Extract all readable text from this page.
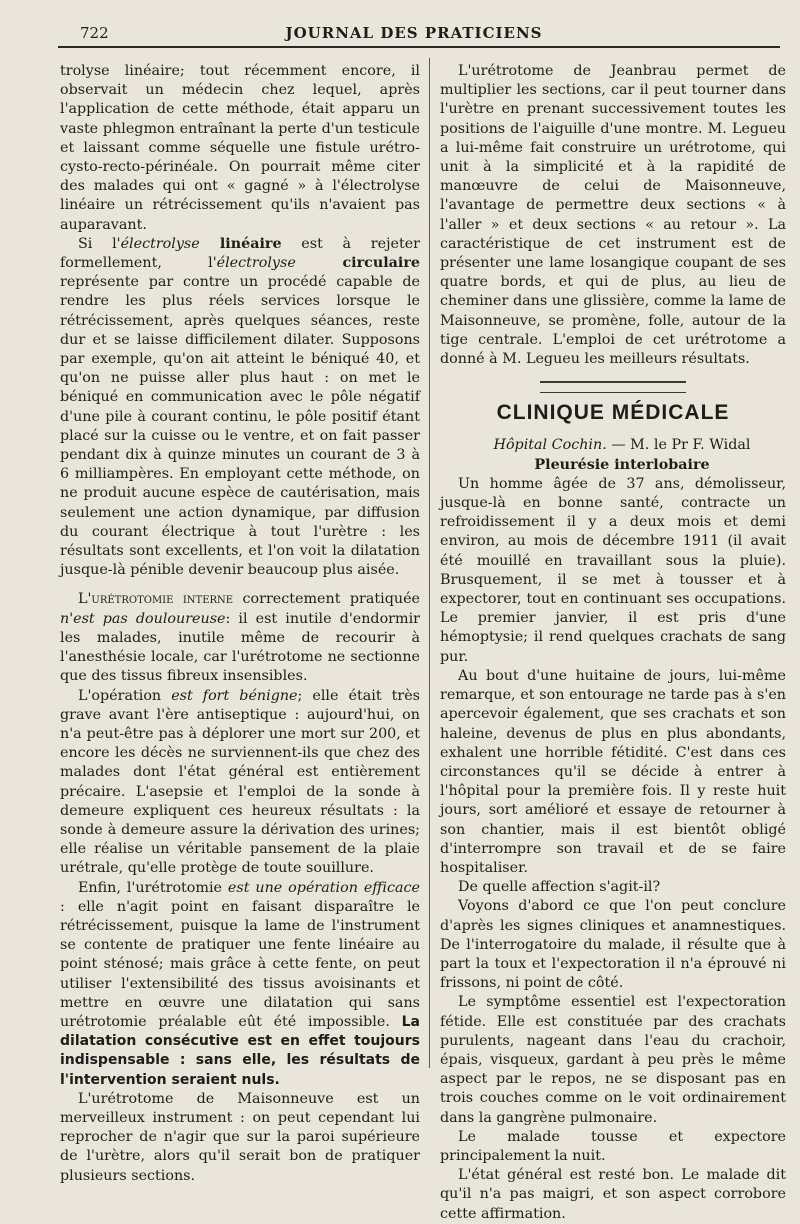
722	JOURNAL DES PRATICIENS

trolyse linéaire; tout récemment encore, il observait un médecin chez lequel, après l'application de cette méthode, était apparu un vaste phlegmon entraînant la perte d'un testicule et laissant comme séquelle une fistule urétro-cysto-recto-périnéale. On pourrait même citer des malades qui ont « gagné » à l'électrolyse linéaire un rétrécissement qu'ils n'avaient pas auparavant.

Si l'électrolyse linéaire est à rejeter formellement, l'électrolyse circulaire représente par contre un procédé capable de rendre les plus réels services lorsque le rétrécissement, après quelques séances, reste dur et se laisse difficilement dilater. Supposons par exemple, qu'on ait atteint le béniqué 40, et qu'on ne puisse aller plus haut : on met le béniqué en communication avec le pôle négatif d'une pile à courant continu, le pôle positif étant placé sur la cuisse ou le ventre, et on fait passer pendant dix à quinze minutes un courant de 3 à 6 milliampères. En employant cette méthode, on ne produit aucune espèce de cautérisation, mais seulement une action dynamique, par diffusion du courant électrique à tout l'urètre : les résultats sont excellents, et l'on voit la dilatation jusque-là pénible devenir beaucoup plus aisée.

L'urétrotomie interne correctement pratiquée n'est pas douloureuse: il est inutile d'endormir les malades, inutile même de recourir à l'anesthésie locale, car l'urétrotome ne sectionne que des tissus fibreux insensibles.

L'opération est fort bénigne; elle était très grave avant l'ère antiseptique : aujourd'hui, on n'a peut-être pas à déplorer une mort sur 200, et encore les décès ne surviennent-ils que chez des malades dont l'état général est entièrement précaire. L'asepsie et l'emploi de la sonde à demeure expliquent ces heureux résultats : la sonde à demeure assure la dérivation des urines; elle réalise un véritable pansement de la plaie urétrale, qu'elle protège de toute souillure.

Enfin, l'urétrotomie est une opération efficace : elle n'agit point en faisant disparaître le rétrécissement, puisque la lame de l'instrument se contente de pratiquer une fente linéaire au point sténosé; mais grâce à cette fente, on peut utiliser l'extensibilité des tissus avoisinants et mettre en œuvre une dilatation qui sans urétrotomie préalable eût été impossible. La dilatation consécutive est en effet toujours indispensable : sans elle, les résultats de l'intervention seraient nuls.

L'urétrotome de Maisonneuve est un merveilleux instrument : on peut cependant lui reprocher de n'agir que sur la paroi supérieure de l'urètre, alors qu'il serait bon de pratiquer plusieurs sections.

L'urétrotome de Jeanbrau permet de multiplier les sections, car il peut tourner dans l'urètre en prenant successivement toutes les positions de l'aiguille d'une montre. M. Legueu a lui-même fait construire un urétrotome, qui unit à la simplicité et à la rapidité de manœuvre de celui de Maisonneuve, l'avantage de permettre deux sections « à l'aller » et deux sections « au retour ». La caractéristique de cet instrument est de présenter une lame losangique coupant de ses quatre bords, et qui de plus, au lieu de cheminer dans une glissière, comme la lame de Maisonneuve, se promène, folle, autour de la tige centrale. L'emploi de cet urétrotome a donné à M. Legueu les meilleurs résultats.

CLINIQUE MÉDICALE

Hôpital Cochin. — M. le Pr F. Widal

Pleurésie interlobaire

Un homme âgée de 37 ans, démolisseur, jusque-là en bonne santé, contracte un refroidissement il y a deux mois et demi environ, au mois de décembre 1911 (il avait été mouillé en travaillant sous la pluie). Brusquement, il se met à tousser et à expectorer, tout en continuant ses occupations. Le premier janvier, il est pris d'une hémoptysie; il rend quelques crachats de sang pur.

Au bout d'une huitaine de jours, lui-même remarque, et son entourage ne tarde pas à s'en apercevoir également, que ses crachats et son haleine, devenus de plus en plus abondants, exhalent une horrible fétidité. C'est dans ces circonstances qu'il se décide à entrer à l'hôpital pour la première fois. Il y reste huit jours, sort amélioré et essaye de retourner à son chantier, mais il est bientôt obligé d'interrompre son travail et de se faire hospitaliser.

De quelle affection s'agit-il?

Voyons d'abord ce que l'on peut conclure d'après les signes cliniques et anamnestiques. De l'interrogatoire du malade, il résulte que à part la toux et l'expectoration il n'a éprouvé ni frissons, ni point de côté.

Le symptôme essentiel est l'expectoration fétide. Elle est constituée par des crachats purulents, nageant dans l'eau du crachoir, épais, visqueux, gardant à peu près le même aspect par le repos, ne se disposant pas en trois couches comme on le voit ordinairement dans la gangrène pulmonaire.

Le malade tousse et expectore principalement la nuit.

L'état général est resté bon. Le malade dit qu'il n'a pas maigri, et son aspect corrobore cette affirmation.
